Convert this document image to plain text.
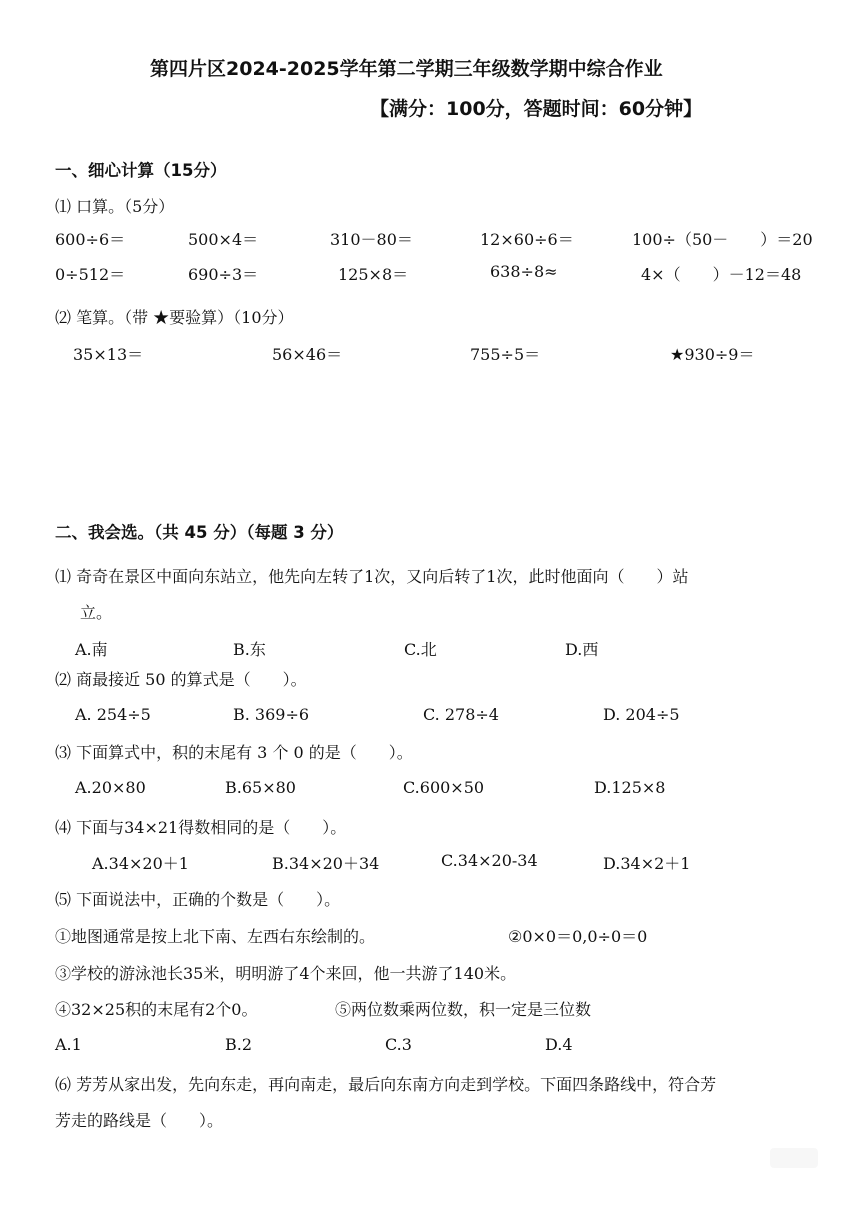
第四片区2024-2025学年第二学期三年级数学期中综合作业
【满分：100分，答题时间：60分钟】
一、细心计算（15分）
⑴ 口算。（5分）
600÷6＝	500×4＝	310－80＝	12×60÷6＝	100÷（50－　　）＝20
0÷512＝	690÷3＝	125×8＝	638÷8≈	4×（　　）－12＝48
⑵ 笔算。（带 ★要验算）（10分）
35×13＝	56×46＝	755÷5＝	★930÷9＝
二、我会选。（共 45 分）（每题 3 分）
⑴ 奇奇在景区中面向东站立，他先向左转了1次，又向后转了1次，此时他面向（　　）站
立。
A.南	B.东	C.北	D.西
⑵ 商最接近 50 的算式是（　　）。
A. 254÷5	B. 369÷6	C. 278÷4	D. 204÷5
⑶ 下面算式中，积的末尾有 3 个 0 的是（　　）。
A.20×80	B.65×80	C.600×50	D.125×8
⑷ 下面与34×21得数相同的是（　　）。
A.34×20＋1	B.34×20＋34	C.34×20-34	D.34×2＋1
⑸ 下面说法中，正确的个数是（　　）。
①地图通常是按上北下南、左西右东绘制的。	②0×0＝0,0÷0＝0
③学校的游泳池长35米，明明游了4个来回，他一共游了140米。
④32×25积的末尾有2个0。	⑤两位数乘两位数，积一定是三位数
A.1	B.2	C.3	D.4
⑹ 芳芳从家出发，先向东走，再向南走，最后向东南方向走到学校。下面四条路线中，符合芳
芳走的路线是（　　）。
